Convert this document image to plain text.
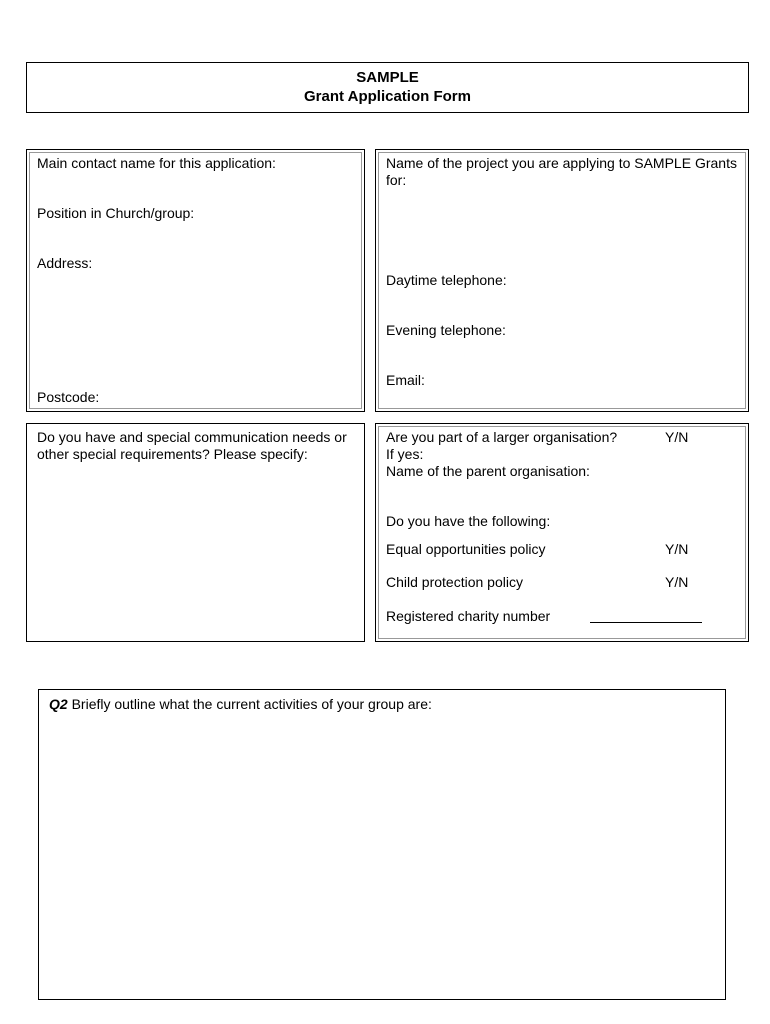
SAMPLE
Grant Application Form
Main contact name for this application:
Position in Church/group:
Address:
Postcode:
Name of the project you are applying to SAMPLE Grants for:
Daytime telephone:
Evening telephone:
Email:
Do you have and special communication needs or other special requirements? Please specify:
Are you part of a larger organisation?	Y/N
If yes:
Name of the parent organisation:
Do you have the following:
Equal opportunities policy	Y/N
Child protection policy	Y/N
Registered charity number
Q2 Briefly outline what the current activities of your group are:
